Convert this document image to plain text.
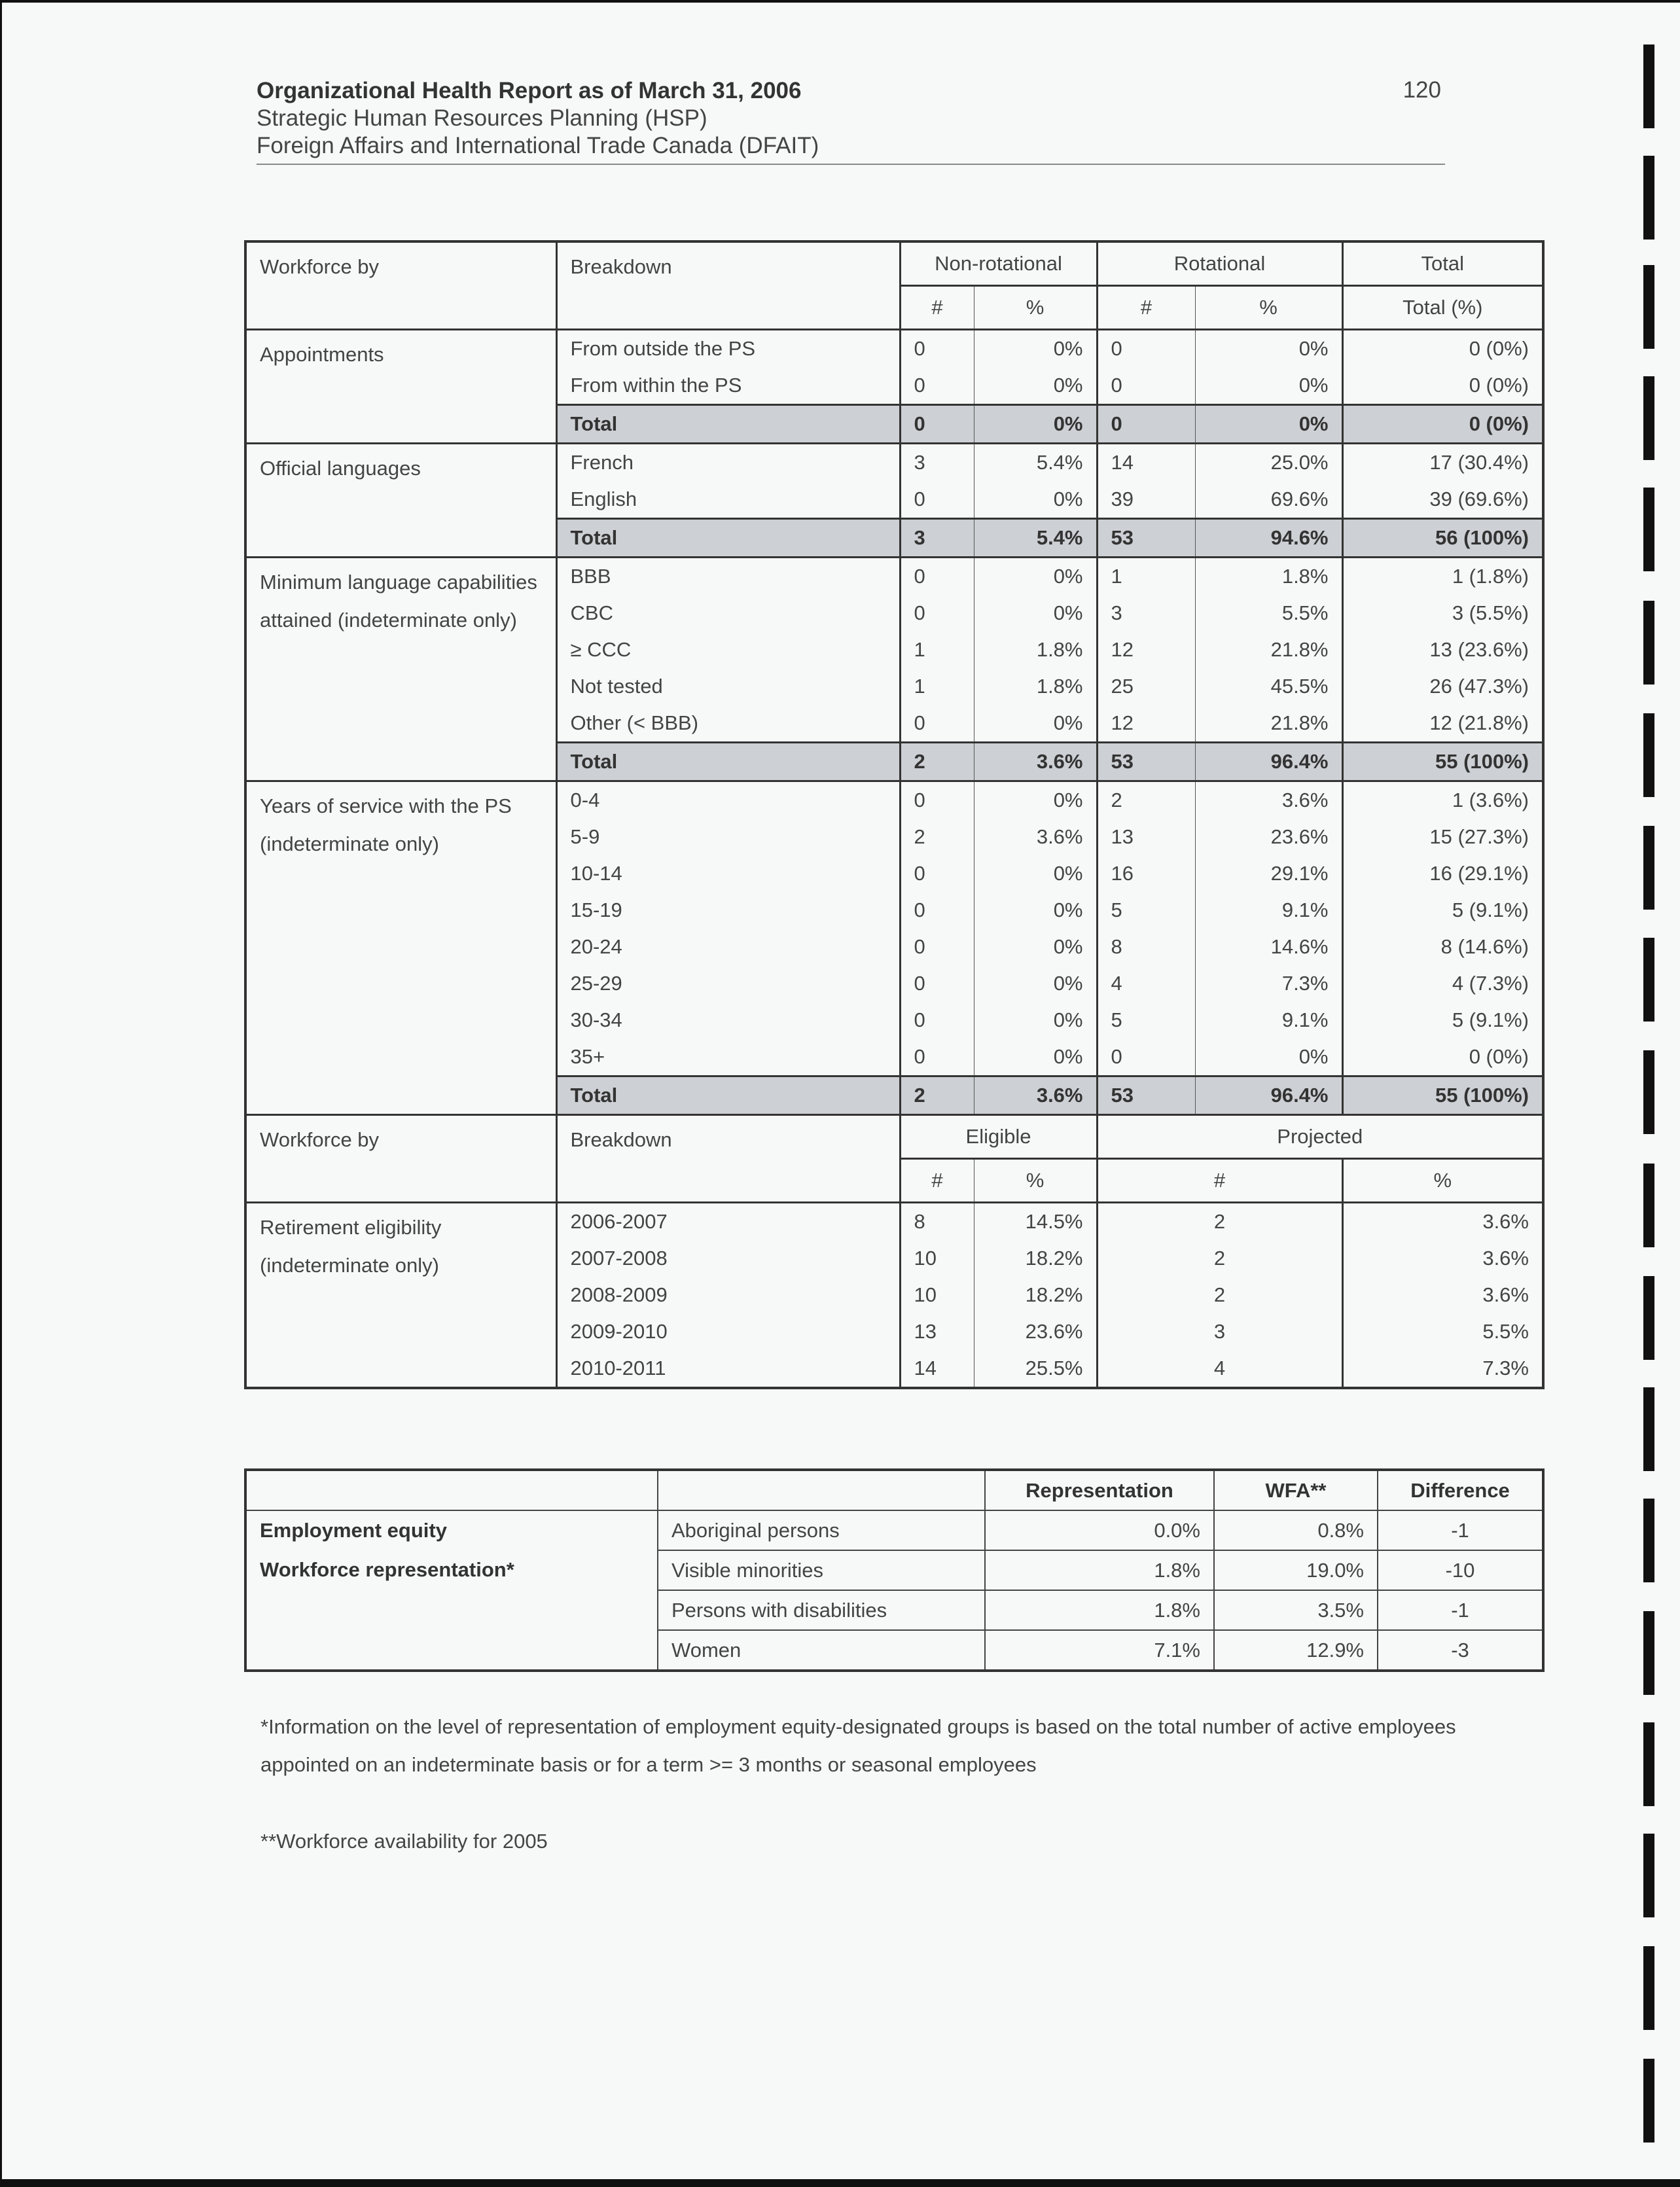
Organizational Health Report as of March 31, 2006
Strategic Human Resources Planning (HSP)
Foreign Affairs and International Trade Canada (DFAIT)
120
Workforce by	Breakdown	Non-rotational		Rotational		Total
		#	%	#	%	Total (%)
Appointments	From outside the PS	0	0%	0	0%	0 (0%)
	From within the PS	0	0%	0	0%	0 (0%)
	Total	0	0%	0	0%	0 (0%)
Official languages	French	3	5.4%	14	25.0%	17 (30.4%)
	English	0	0%	39	69.6%	39 (69.6%)
	Total	3	5.4%	53	94.6%	56 (100%)
Minimum language capabilities attained (indeterminate only)	BBB	0	0%	1	1.8%	1 (1.8%)
	CBC	0	0%	3	5.5%	3 (5.5%)
	≥ CCC	1	1.8%	12	21.8%	13 (23.6%)
	Not tested	1	1.8%	25	45.5%	26 (47.3%)
	Other (< BBB)	0	0%	12	21.8%	12 (21.8%)
	Total	2	3.6%	53	96.4%	55 (100%)
Years of service with the PS (indeterminate only)	0-4	0	0%	2	3.6%	1 (3.6%)
	5-9	2	3.6%	13	23.6%	15 (27.3%)
	10-14	0	0%	16	29.1%	16 (29.1%)
	15-19	0	0%	5	9.1%	5 (9.1%)
	20-24	0	0%	8	14.6%	8 (14.6%)
	25-29	0	0%	4	7.3%	4 (7.3%)
	30-34	0	0%	5	9.1%	5 (9.1%)
	35+	0	0%	0	0%	0 (0%)
	Total	2	3.6%	53	96.4%	55 (100%)
Workforce by	Breakdown	Eligible		Projected		
		#	%	#		%
Retirement eligibility (indeterminate only)	2006-2007	8	14.5%	2		3.6%
	2007-2008	10	18.2%	2		3.6%
	2008-2009	10	18.2%	2		3.6%
	2009-2010	13	23.6%	3		5.5%
	2010-2011	14	25.5%	4		7.3%
		Representation	WFA**	Difference

Employment equity
Workforce representation*	Aboriginal persons	0.0%	0.8%	-1
	Visible minorities	1.8%	19.0%	-10
	Persons with disabilities	1.8%	3.5%	-1
	Women	7.1%	12.9%	-3
*Information on the level of representation of employment equity-designated groups is based on the total number of active employees appointed on an indeterminate basis or for a term >= 3 months or seasonal employees
**Workforce availability for 2005
